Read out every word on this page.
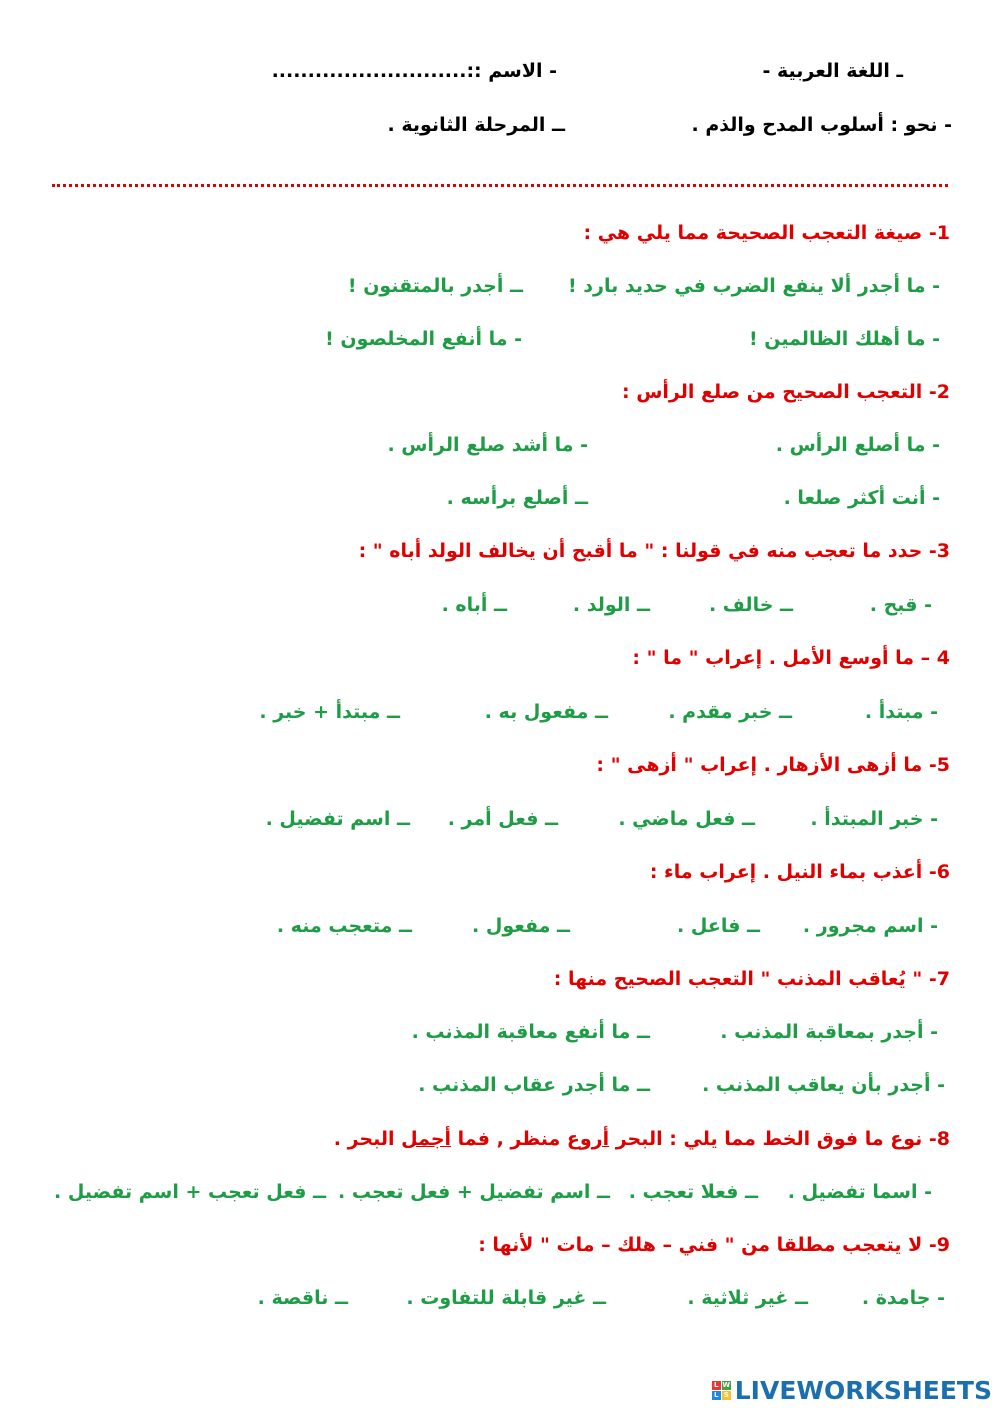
ـ اللغة العربية -
- الاسم ::...........................
- نحو : أسلوب المدح والذم .
ــ المرحلة الثانوية .
1- صيغة التعجب الصحيحة مما يلي هي :
- ما أجدر ألا ينفع الضرب في حديد بارد !
ــ أجدر بالمتقنون !
- ما أهلك الظالمين !
- ما أنفع المخلصون !
2- التعجب الصحيح من صلع الرأس :
- ما أصلع الرأس .
- ما أشد صلع الرأس .
- أنت أكثر صلعا .
ــ أصلع برأسه .
3- حدد ما تعجب منه في قولنا : " ما أقبح أن يخالف الولد أباه " :
- قبح .
ــ خالف .
ــ الولد .
ــ أباه .
4 – ما أوسع الأمل . إعراب " ما " :
- مبتدأ .
ــ خبر مقدم .
ــ مفعول به .
ــ مبتدأ + خبر .
5- ما أزهى الأزهار . إعراب " أزهى " :
- خبر المبتدأ .
ــ فعل ماضي .
ــ فعل أمر .
ــ اسم تفضيل .
6- أعذب بماء النيل . إعراب ماء :
- اسم مجرور .
ــ فاعل .
ــ مفعول .
ــ متعجب منه .
7- " يُعاقب المذنب " التعجب الصحيح منها :
- أجدر بمعاقبة المذنب .
ــ ما أنفع معاقبة المذنب .
- أجدر بأن يعاقب المذنب .
ــ ما أجدر عقاب المذنب .
8- نوع ما فوق الخط مما يلي : البحر أروع منظر , فما أجمل البحر .
- اسما تفضيل .
ــ فعلا تعجب .
ــ اسم تفضيل + فعل تعجب .
ــ فعل تعجب + اسم تفضيل .
9- لا يتعجب مطلقا من " فني – هلك – مات " لأنها :
- جامدة .
ــ غير ثلاثية .
ــ غير قابلة للتفاوت .
ــ ناقصة .
L W
L S LIVEWORKSHEETS
